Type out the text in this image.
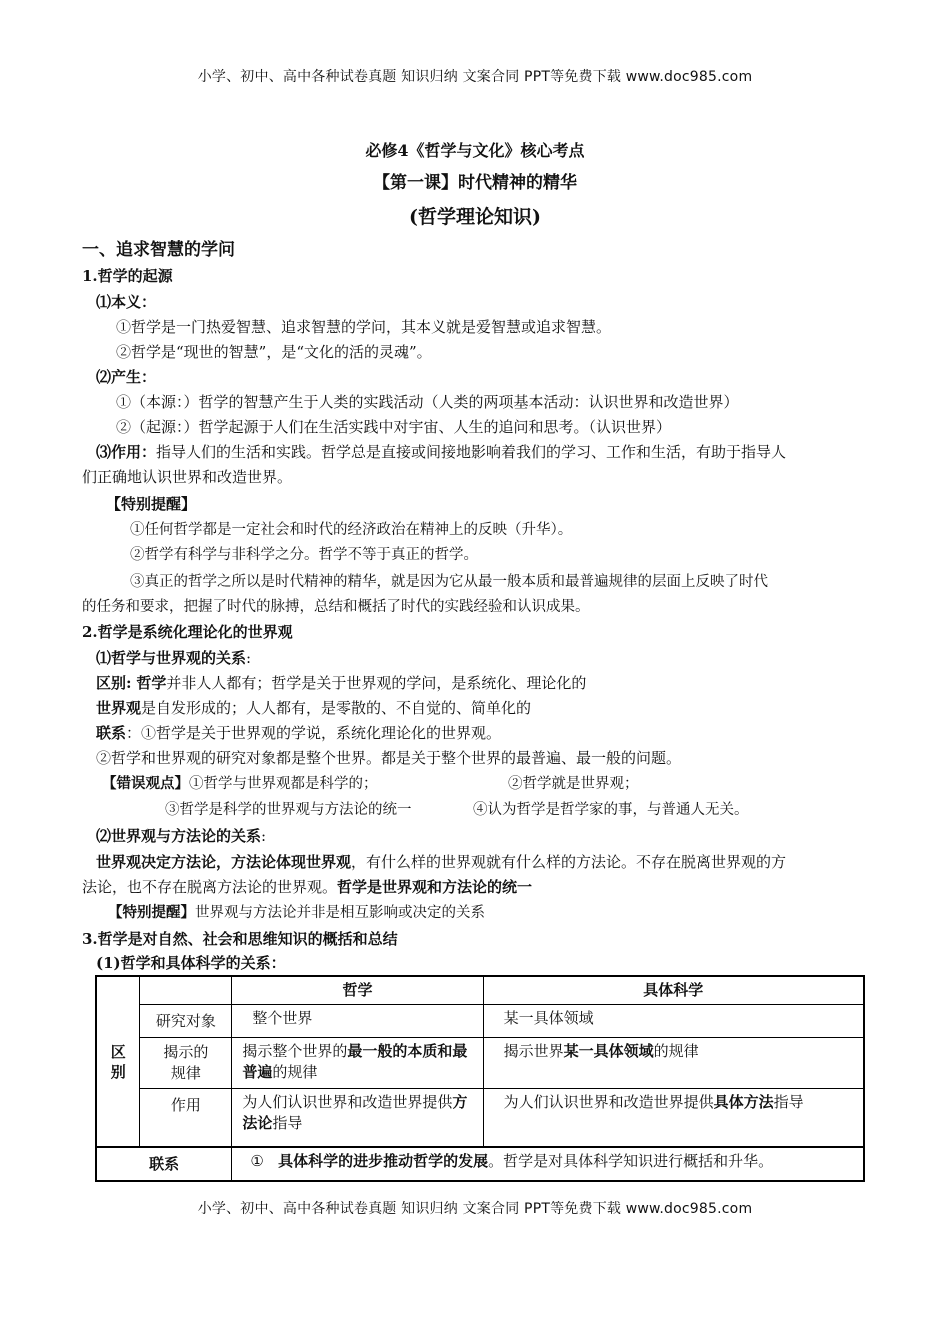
小学、初中、高中各种试卷真题 知识归纳 文案合同 PPT等免费下载 www.doc985.com
必修4《哲学与文化》核心考点
【第一课】时代精神的精华
(哲学理论知识)
一、追求智慧的学问
1.哲学的起源
⑴本义：
①哲学是一门热爱智慧、追求智慧的学问，其本义就是爱智慧或追求智慧。
②哲学是“现世的智慧”，是“文化的活的灵魂”。
⑵产生：
①（本源：）哲学的智慧产生于人类的实践活动（人类的两项基本活动：认识世界和改造世界）
②（起源：）哲学起源于人们在生活实践中对宇宙、人生的追问和思考。（认识世界）
⑶作用：指导人们的生活和实践。哲学总是直接或间接地影响着我们的学习、工作和生活，有助于指导人
们正确地认识世界和改造世界。
【特别提醒】
①任何哲学都是一定社会和时代的经济政治在精神上的反映（升华）。
②哲学有科学与非科学之分。哲学不等于真正的哲学。
③真正的哲学之所以是时代精神的精华，就是因为它从最一般本质和最普遍规律的层面上反映了时代
的任务和要求，把握了时代的脉搏，总结和概括了时代的实践经验和认识成果。
2.哲学是系统化理论化的世界观
⑴哲学与世界观的关系:
区别: 哲学并非人人都有；哲学是关于世界观的学问，是系统化、理论化的
世界观是自发形成的；人人都有，是零散的、不自觉的、简单化的
联系：①哲学是关于世界观的学说，系统化理论化的世界观。
②哲学和世界观的研究对象都是整个世界。都是关于整个世界的最普遍、最一般的问题。
【错误观点】①哲学与世界观都是科学的；	②哲学就是世界观；
③哲学是科学的世界观与方法论的统一	④认为哲学是哲学家的事，与普通人无关。
⑵世界观与方法论的关系:
世界观决定方法论，方法论体现世界观，有什么样的世界观就有什么样的方法论。不存在脱离世界观的方
法论，也不存在脱离方法论的世界观。哲学是世界观和方法论的统一
【特别提醒】世界观与方法论并非是相互影响或决定的关系
3.哲学是对自然、社会和思维知识的概括和总结
(1)哲学和具体科学的关系：
区别		哲学	具体科学
	研究对象	整个世界	某一具体领域
	揭示的规律	揭示整个世界的最一般的本质和最普遍的规律	揭示世界某一具体领域的规律
	作用	为人们认识世界和改造世界提供方法论指导	为人们认识世界和改造世界提供具体方法指导
联系		① 具体科学的进步推动哲学的发展。哲学是对具体科学知识进行概括和升华。	
小学、初中、高中各种试卷真题 知识归纳 文案合同 PPT等免费下载 www.doc985.com
